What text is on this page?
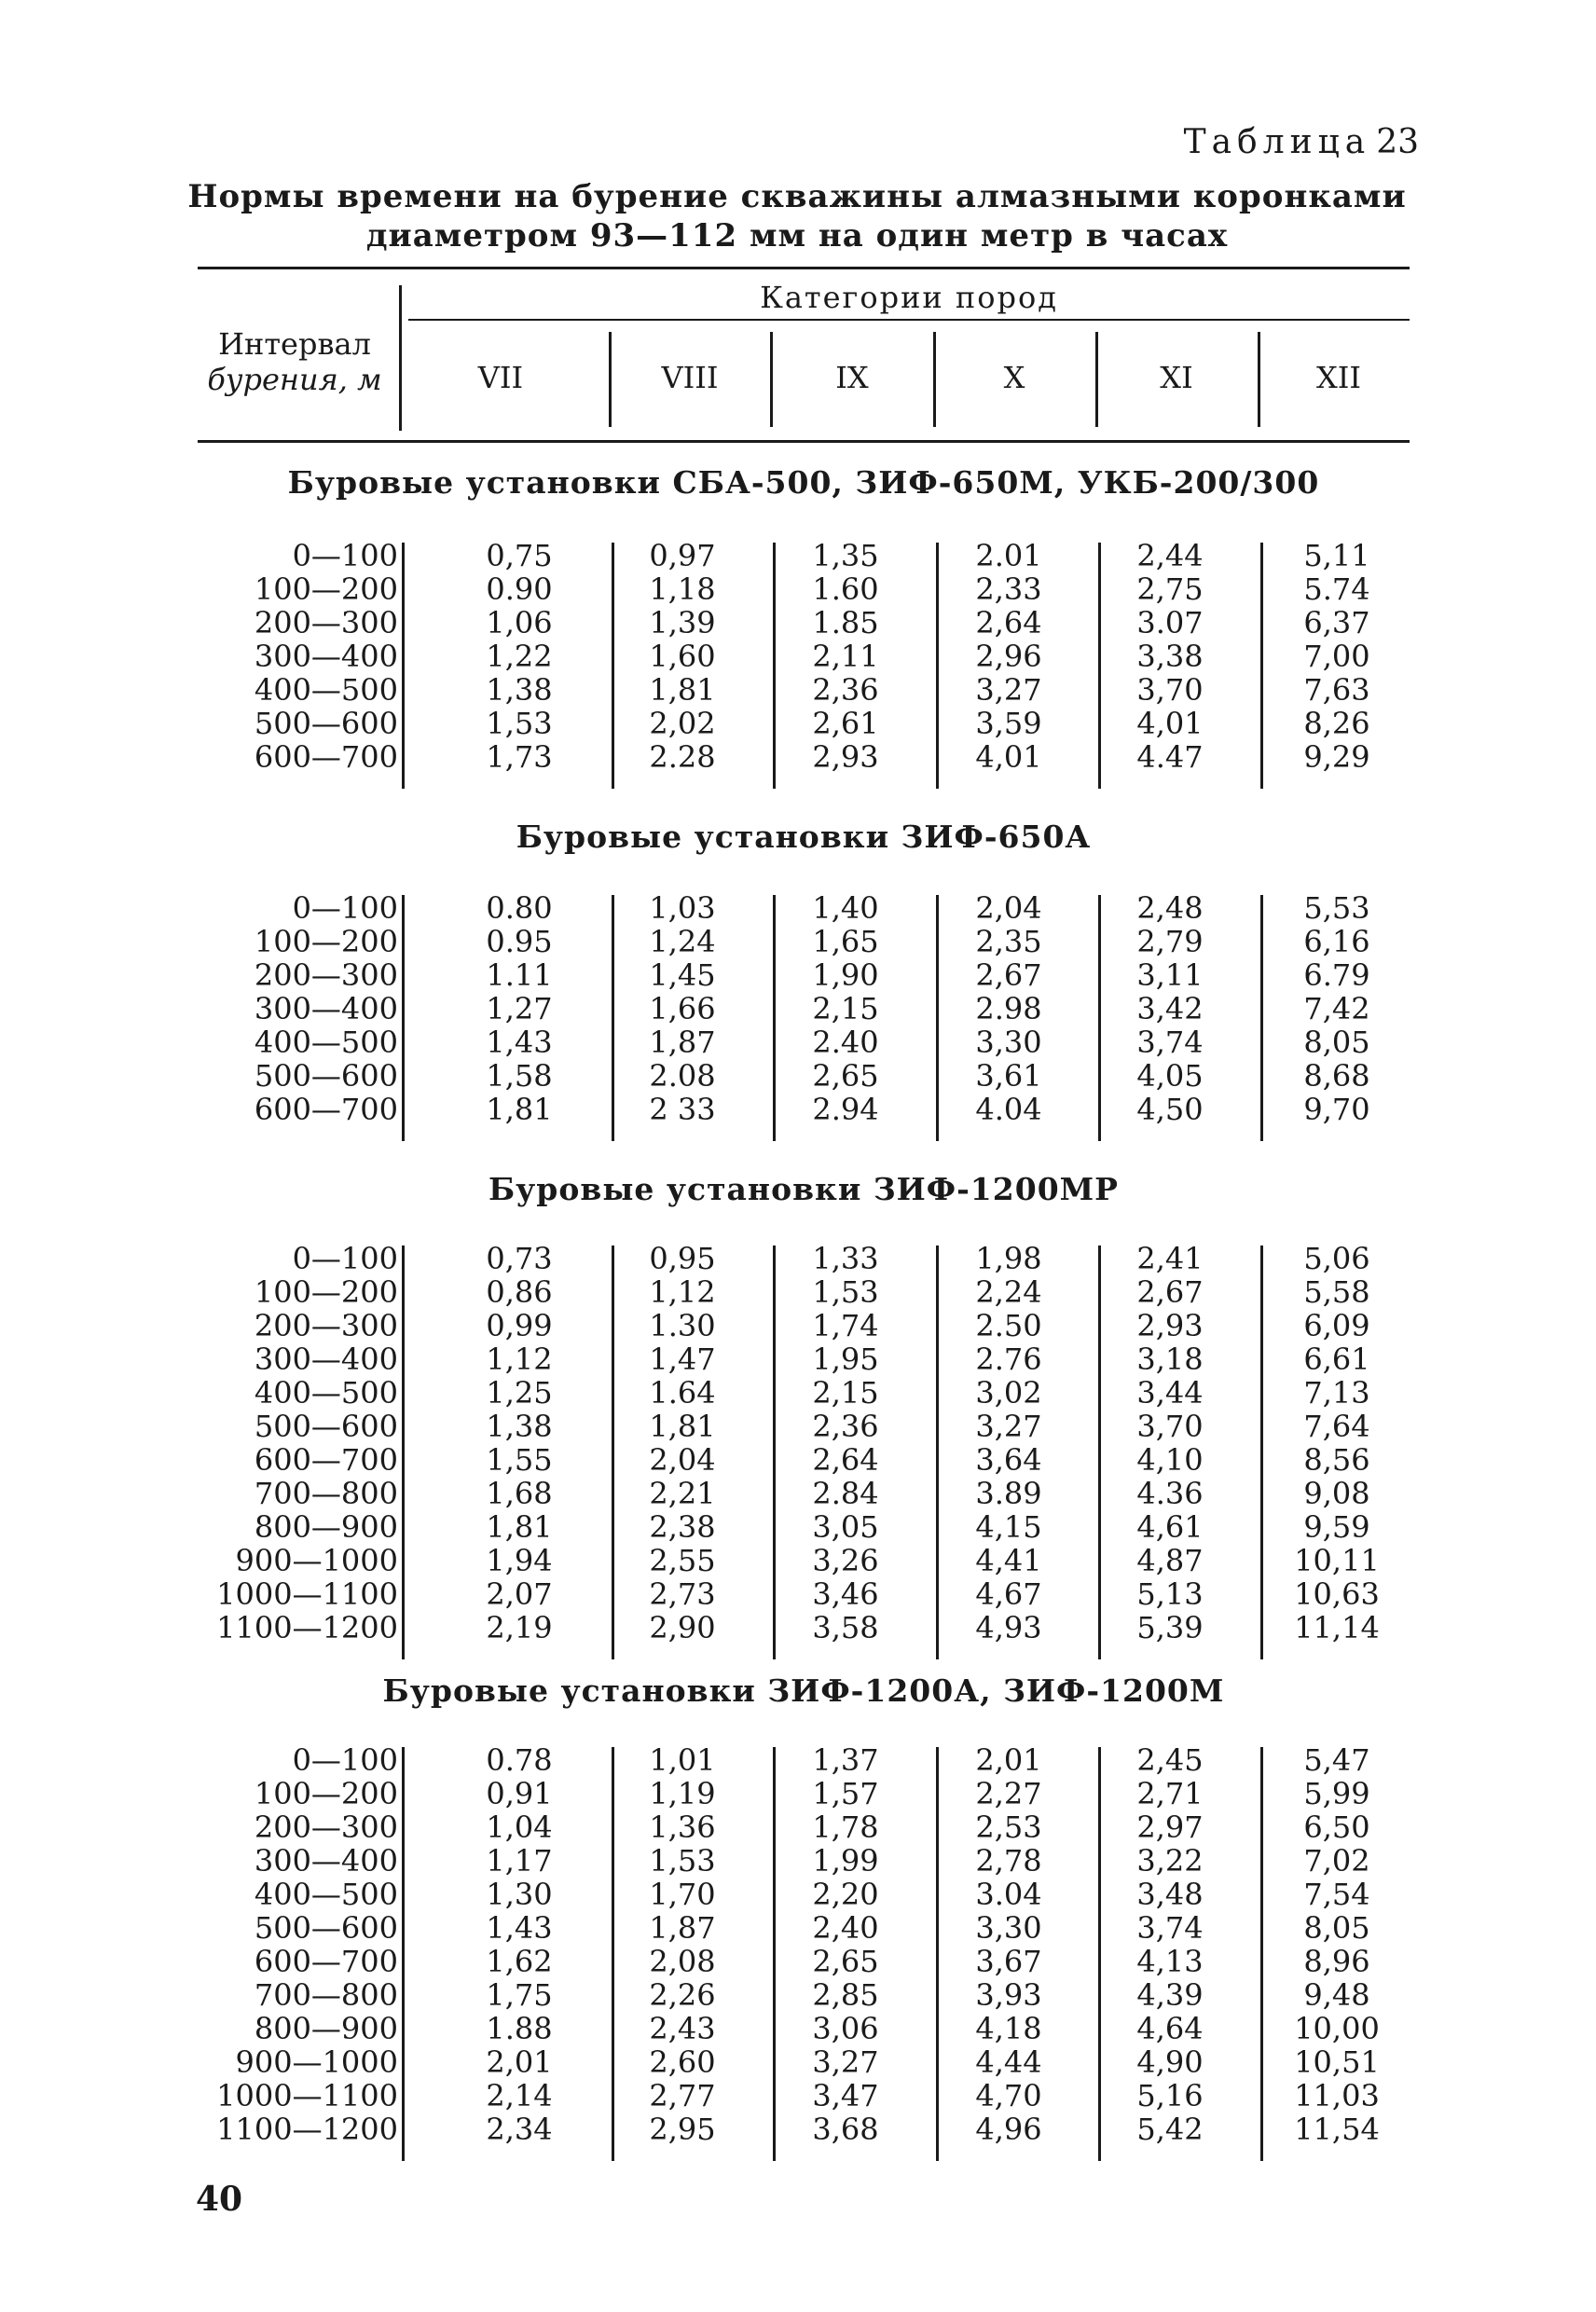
Таблица 23
Нормы времени на бурение скважины алмазными коронками
диаметром 93—112 мм на один метр в часах
Интервал
бурения, м
Категории пород
VII	VIII	IX	X	XI	XII
Буровые установки СБА-500, ЗИФ-650М, УКБ-200/300
0—100	0,75	0,97	1,35	2.01	2,44	5,11
100—200	0.90	1,18	1.60	2,33	2,75	5.74
200—300	1,06	1,39	1.85	2,64	3.07	6,37
300—400	1,22	1,60	2,11	2,96	3,38	7,00
400—500	1,38	1,81	2,36	3,27	3,70	7,63
500—600	1,53	2,02	2,61	3,59	4,01	8,26
600—700	1,73	2.28	2,93	4,01	4.47	9,29
Буровые установки ЗИФ-650А
0—100	0.80	1,03	1,40	2,04	2,48	5,53
100—200	0.95	1,24	1,65	2,35	2,79	6,16
200—300	1.11	1,45	1,90	2,67	3,11	6.79
300—400	1,27	1,66	2,15	2.98	3,42	7,42
400—500	1,43	1,87	2.40	3,30	3,74	8,05
500—600	1,58	2.08	2,65	3,61	4,05	8,68
600—700	1,81	2 33	2.94	4.04	4,50	9,70
Буровые установки ЗИФ-1200МР
0—100	0,73	0,95	1,33	1,98	2,41	5,06
100—200	0,86	1,12	1,53	2,24	2,67	5,58
200—300	0,99	1.30	1,74	2.50	2,93	6,09
300—400	1,12	1,47	1,95	2.76	3,18	6,61
400—500	1,25	1.64	2,15	3,02	3,44	7,13
500—600	1,38	1,81	2,36	3,27	3,70	7,64
600—700	1,55	2,04	2,64	3,64	4,10	8,56
700—800	1,68	2,21	2.84	3.89	4.36	9,08
800—900	1,81	2,38	3,05	4,15	4,61	9,59
900—1000	1,94	2,55	3,26	4,41	4,87	10,11
1000—1100	2,07	2,73	3,46	4,67	5,13	10,63
1100—1200	2,19	2,90	3,58	4,93	5,39	11,14
Буровые установки ЗИФ-1200А, ЗИФ-1200М
0—100	0.78	1,01	1,37	2,01	2,45	5,47
100—200	0,91	1,19	1,57	2,27	2,71	5,99
200—300	1,04	1,36	1,78	2,53	2,97	6,50
300—400	1,17	1,53	1,99	2,78	3,22	7,02
400—500	1,30	1,70	2,20	3.04	3,48	7,54
500—600	1,43	1,87	2,40	3,30	3,74	8,05
600—700	1,62	2,08	2,65	3,67	4,13	8,96
700—800	1,75	2,26	2,85	3,93	4,39	9,48
800—900	1.88	2,43	3,06	4,18	4,64	10,00
900—1000	2,01	2,60	3,27	4,44	4,90	10,51
1000—1100	2,14	2,77	3,47	4,70	5,16	11,03
1100—1200	2,34	2,95	3,68	4,96	5,42	11,54
40
